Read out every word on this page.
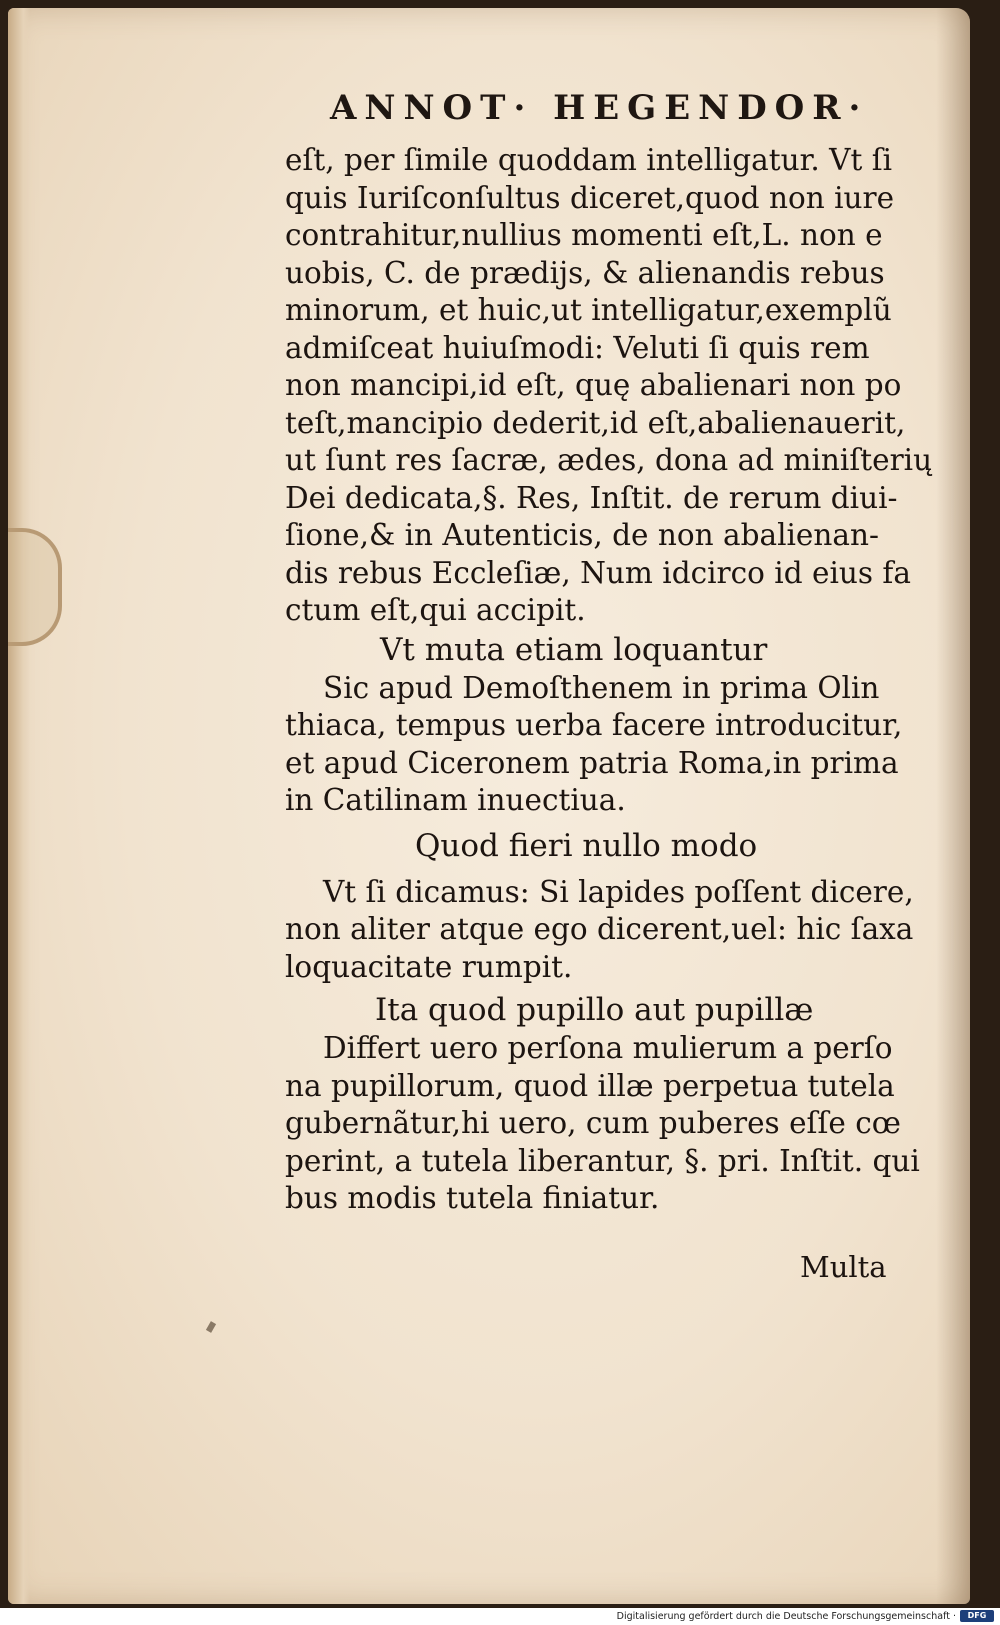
ANNOT· HEGENDOR·
eſt, per ſimile quoddam intelligatur. Vt ſi
quis Iuriſconſultus diceret,quod non iure
contrahitur,nullius momenti eſt,L. non e
uobis, C. de prædijs, & alienandis rebus
minorum, et huic,ut intelligatur,exemplũ
admiſceat huiuſmodi: Veluti ſi quis rem
non mancipi,id eſt, quę abalienari non po
teſt,mancipio dederit,id eſt,abalienauerit,
ut ſunt res ſacræ, ædes, dona ad miniſterių
Dei dedicata,§. Res, Inſtit. de rerum diui-
ſione,& in Autenticis, de non abalienan-
dis rebus Eccleſiæ, Num idcirco id eius fa
ctum eſt,qui accipit.
Vt muta etiam loquantur
Sic apud Demoſthenem in prima Olin
thiaca, tempus uerba facere introducitur,
et apud Ciceronem patria Roma,in prima
in Catilinam inuectiua.
Quod fieri nullo modo
Vt ſi dicamus: Si lapides poſſent dicere,
non aliter atque ego dicerent,uel: hic ſaxa
loquacitate rumpit.
Ita quod pupillo aut pupillæ
Differt uero perſona mulierum a perſo
na pupillorum, quod illæ perpetua tutela
gubernãtur,hi uero, cum puberes eſſe cœ
perint, a tutela liberantur, §. pri. Inſtit. qui
bus modis tutela finiatur.
Multa
Digitalisierung gefördert durch die Deutsche Forschungsgemeinschaft ·	DFG
